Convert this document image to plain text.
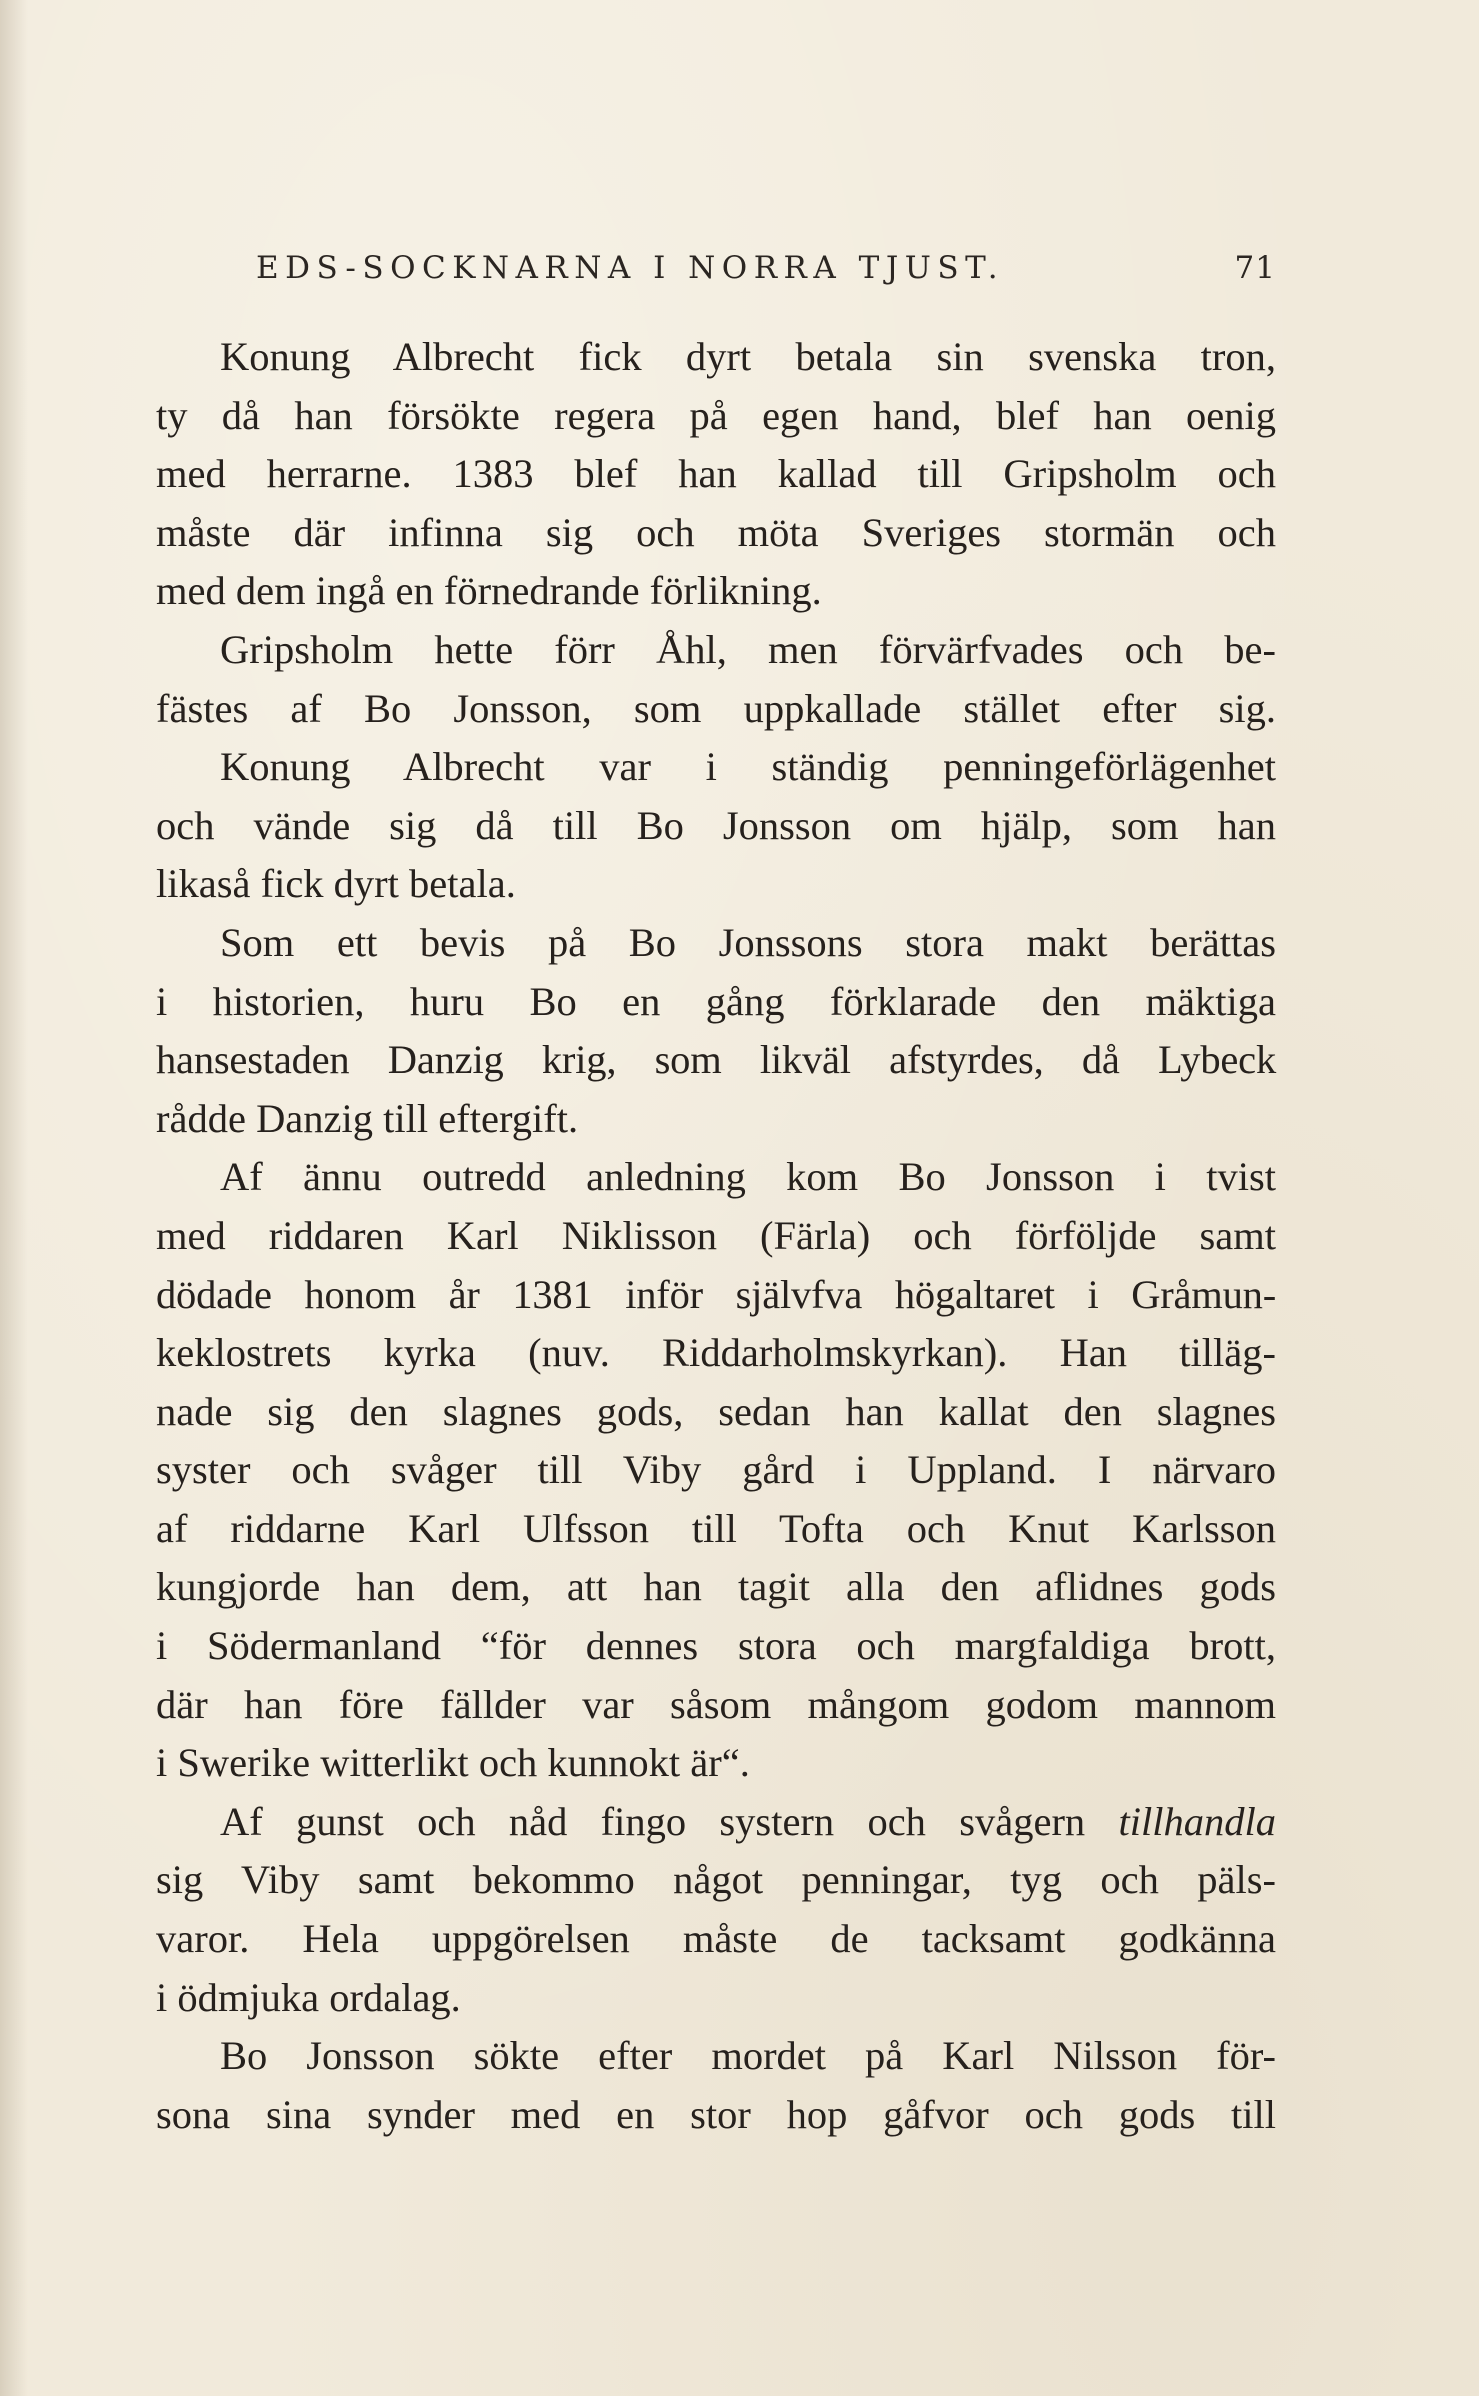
EDS-SOCKNARNA I NORRA TJUST.	71
Konung Albrecht fick dyrt betala sin svenska tron,
ty då han försökte regera på egen hand, blef han oenig
med herrarne. 1383 blef han kallad till Gripsholm och
måste där infinna sig och möta Sveriges stormän och
med dem ingå en förnedrande förlikning.
Gripsholm hette förr Åhl, men förvärfvades och be-
fästes af Bo Jonsson, som uppkallade stället efter sig.
Konung Albrecht var i ständig penningeförlägenhet
och vände sig då till Bo Jonsson om hjälp, som han
likaså fick dyrt betala.
Som ett bevis på Bo Jonssons stora makt berättas
i historien, huru Bo en gång förklarade den mäktiga
hansestaden Danzig krig, som likväl afstyrdes, då Lybeck
rådde Danzig till eftergift.
Af ännu outredd anledning kom Bo Jonsson i tvist
med riddaren Karl Niklisson (Färla) och förföljde samt
dödade honom år 1381 inför självfva högaltaret i Gråmun-
keklostrets kyrka (nuv. Riddarholmskyrkan). Han tilläg-
nade sig den slagnes gods, sedan han kallat den slagnes
syster och svåger till Viby gård i Uppland. I närvaro
af riddarne Karl Ulfsson till Tofta och Knut Karlsson
kungjorde han dem, att han tagit alla den aflidnes gods
i Södermanland “för dennes stora och margfaldiga brott,
där han före fällder var såsom mångom godom mannom
i Swerike witterlikt och kunnokt är“.
Af gunst och nåd fingo systern och svågern tillhandla
sig Viby samt bekommo något penningar, tyg och päls-
varor. Hela uppgörelsen måste de tacksamt godkänna
i ödmjuka ordalag.
Bo Jonsson sökte efter mordet på Karl Nilsson för-
sona sina synder med en stor hop gåfvor och gods till
